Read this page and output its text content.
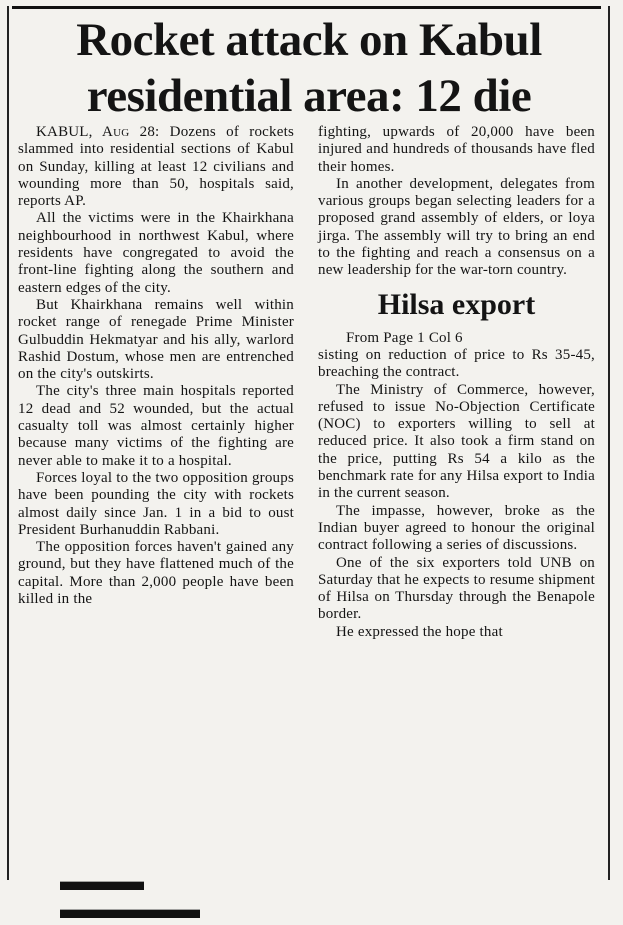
Rocket attack on Kabul
residential area: 12 die

KABUL, Aug 28: Dozens of rockets slammed into residential sections of Kabul on Sunday, killing at least 12 civilians and wounding more than 50, hospitals said, reports AP.

All the victims were in the Khairkhana neighbourhood in northwest Kabul, where residents have congregated to avoid the front-line fighting along the southern and eastern edges of the city.

But Khairkhana remains well within rocket range of renegade Prime Minister Gulbuddin Hekmatyar and his ally, warlord Rashid Dostum, whose men are entrenched on the city's outskirts.

The city's three main hospitals reported 12 dead and 52 wounded, but the actual casualty toll was almost certainly higher because many victims of the fighting are never able to make it to a hospital.

Forces loyal to the two opposition groups have been pounding the city with rockets almost daily since Jan. 1 in a bid to oust President Burhanuddin Rabbani.

The opposition forces haven't gained any ground, but they have flattened much of the capital. More than 2,000 people have been killed in the

fighting, upwards of 20,000 have been injured and hundreds of thousands have fled their homes.

In another development, delegates from various groups began selecting leaders for a proposed grand assembly of elders, or loya jirga. The assembly will try to bring an end to the fighting and reach a consensus on a new leadership for the war-torn country.

Hilsa export

From Page 1 Col 6

sisting on reduction of price to Rs 35-45, breaching the contract.

The Ministry of Commerce, however, refused to issue No-Objection Certificate (NOC) to exporters willing to sell at reduced price. It also took a firm stand on the price, putting Rs 54 a kilo as the benchmark rate for any Hilsa export to India in the current season.

The impasse, however, broke as the Indian buyer agreed to honour the original contract following a series of discussions.

One of the six exporters told UNB on Saturday that he expects to resume shipment of Hilsa on Thursday through the Benapole border.

He expressed the hope that

▬▬▬ ▬▬▬▬▬
